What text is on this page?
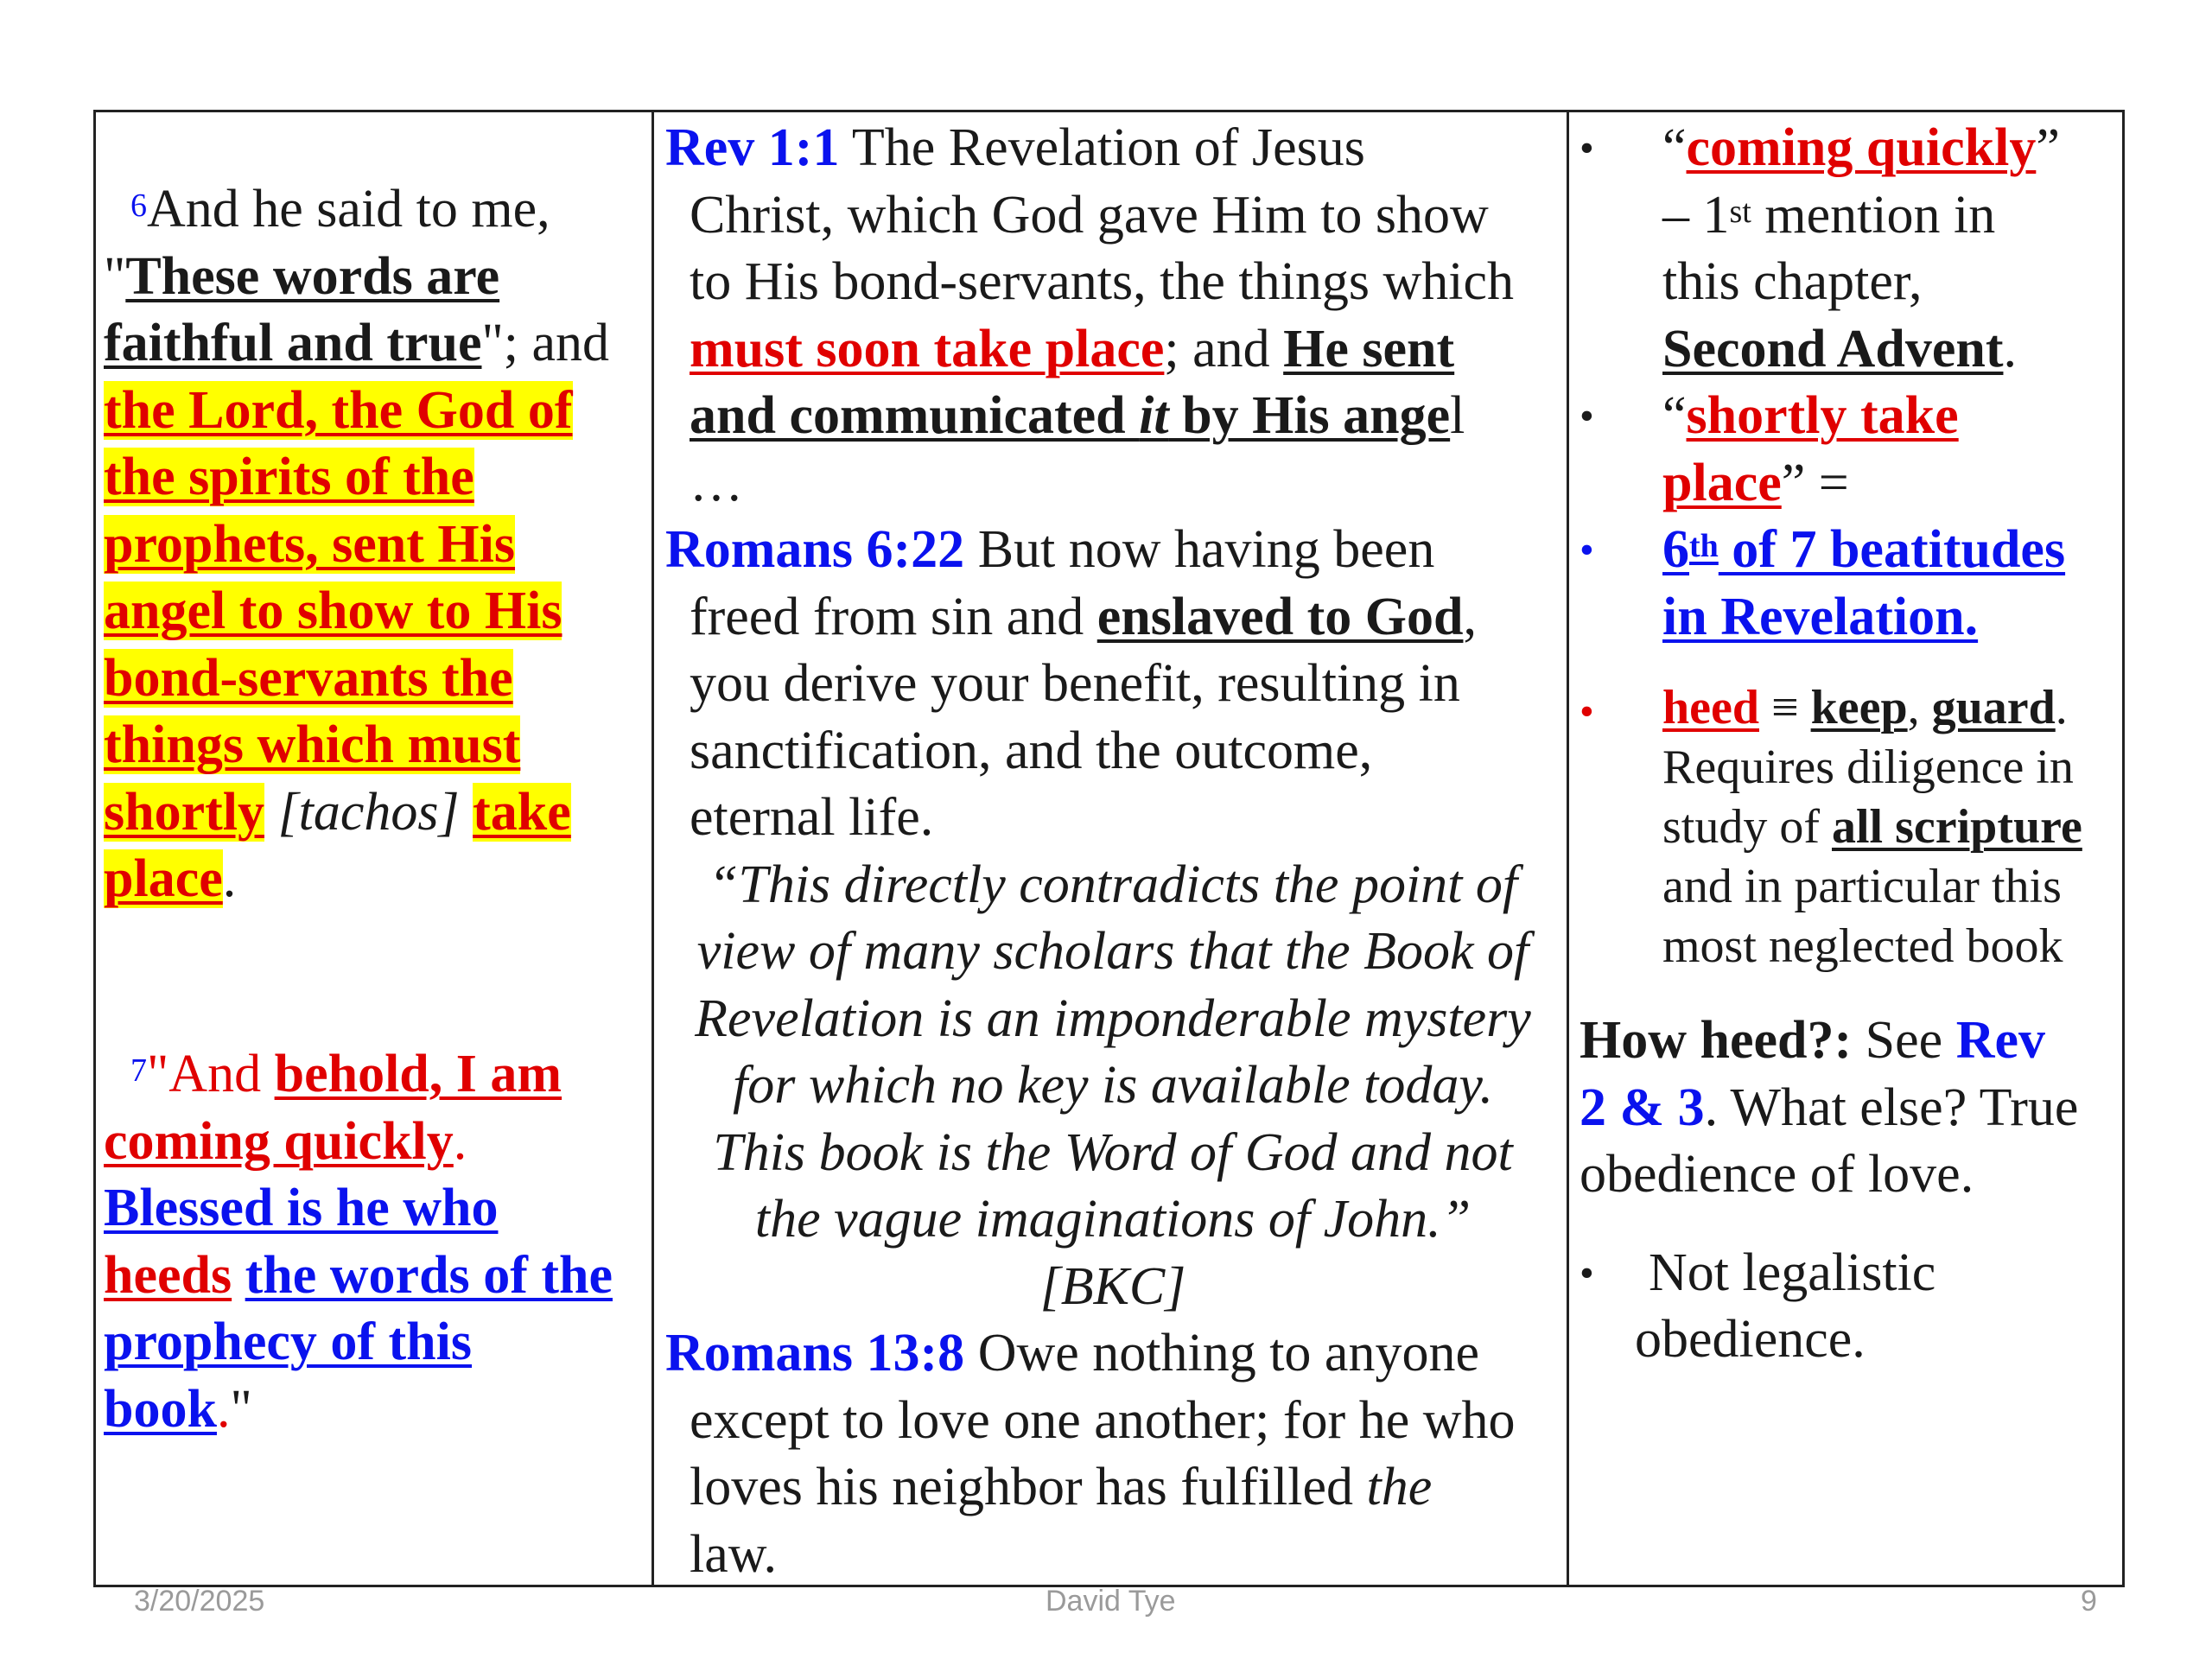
$^6$And he said to me,
"These words are
faithful and true"; and
the Lord, the God of
the spirits of the
prophets, sent His
angel to show to His
bond-servants the
things which must
shortly [tachos] take
place.
$^7$"And behold, I am
coming quickly.
Blessed is he who
heeds the words of the
prophecy of this
book."
Rev 1:1 The Revelation of Jesus
Christ, which God gave Him to show
to His bond-servants, the things which
must soon take place; and He sent
and communicated it by His angel
…
Romans 6:22 But now having been
freed from sin and enslaved to God,
you derive your benefit, resulting in
sanctification, and the outcome,
eternal life.
“This directly contradicts the point of
view of many scholars that the Book of
Revelation is an imponderable mystery
for which no key is available today.
This book is the Word of God and not
the vague imaginations of John.”
[BKC]
Romans 13:8 Owe nothing to anyone
except to love one another; for he who
loves his neighbor has fulfilled the
law.
• “coming quickly”
– 1st mention in
this chapter,
Second Advent.
• “shortly take
place” =
• 6th of 7 beatitudes
in Revelation.
• heed ≡ keep, guard.
Requires diligence in
study of all scripture
and in particular this
most neglected book
How heed?: See Rev
2 & 3. What else? True
obedience of love.
• Not legalistic
obedience.
3/20/2025	David Tye	9
